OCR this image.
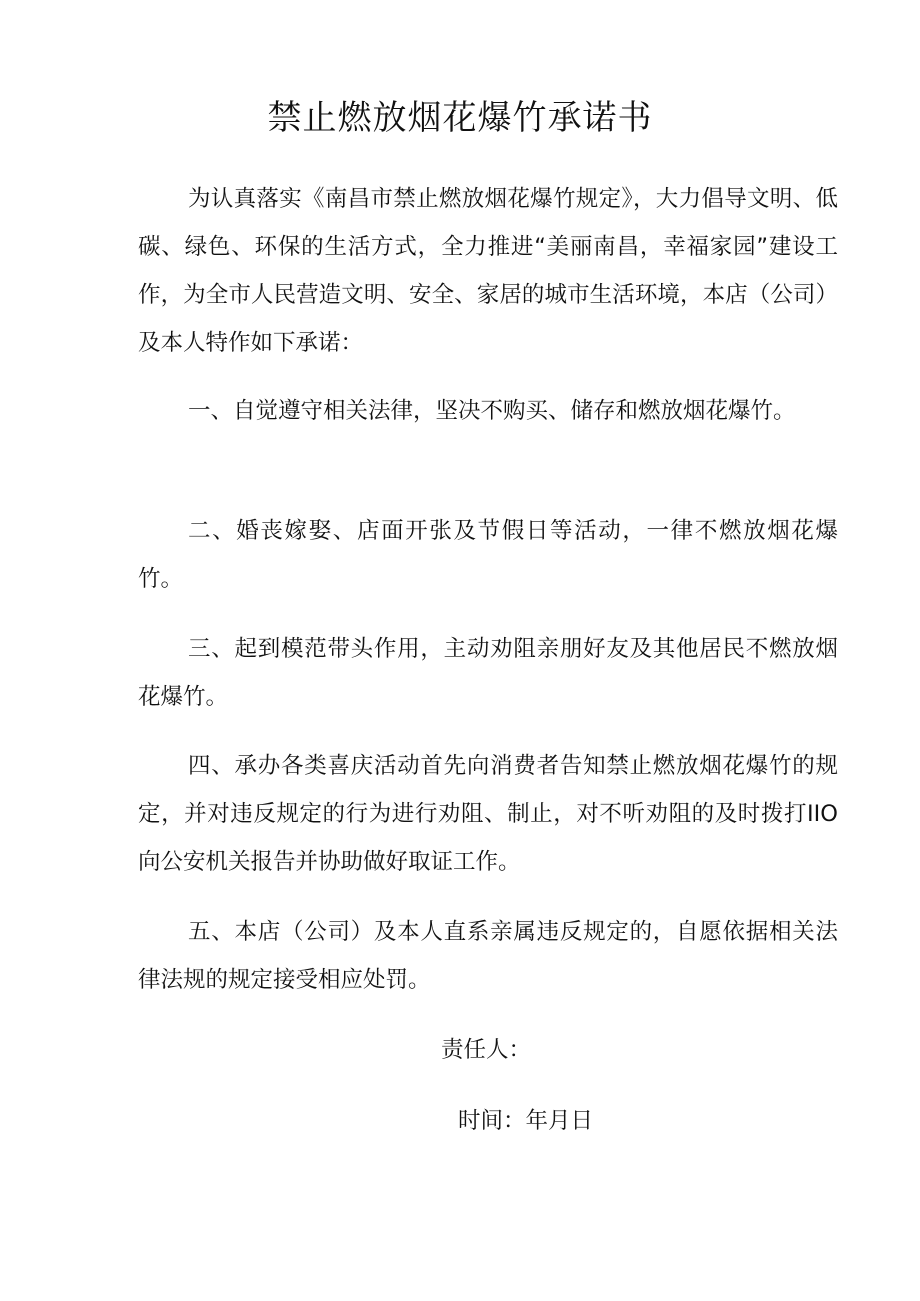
禁止燃放烟花爆竹承诺书

为认真落实《南昌市禁止燃放烟花爆竹规定》，大力倡导文明、低碳、绿色、环保的生活方式，全力推进“美丽南昌，幸福家园”建设工作，为全市人民营造文明、安全、家居的城市生活环境，本店（公司）及本人特作如下承诺：

一、自觉遵守相关法律，坚决不购买、储存和燃放烟花爆竹。

二、婚丧嫁娶、店面开张及节假日等活动，一律不燃放烟花爆竹。

三、起到模范带头作用，主动劝阻亲朋好友及其他居民不燃放烟花爆竹。

四、承办各类喜庆活动首先向消费者告知禁止燃放烟花爆竹的规定，并对违反规定的行为进行劝阻、制止，对不听劝阻的及时拨打IIO向公安机关报告并协助做好取证工作。

五、本店（公司）及本人直系亲属违反规定的，自愿依据相关法律法规的规定接受相应处罚。

责任人：

时间：年月日
